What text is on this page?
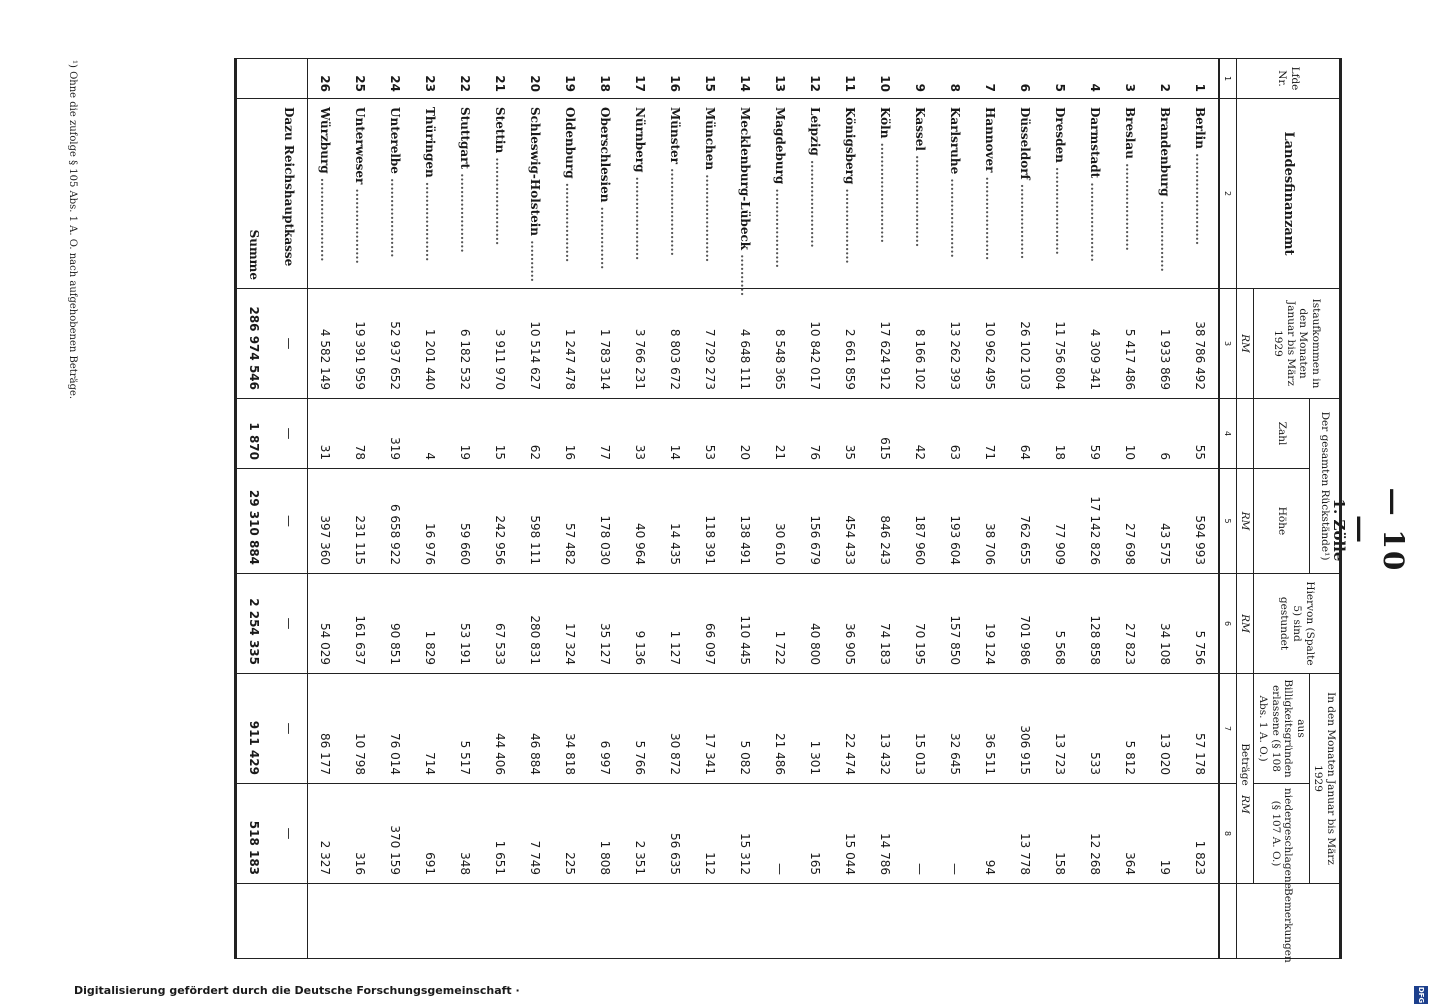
— 10 —
1. Zölle
Lfde
Nr.	Landesfinanzamt	Istaufkommen in den Monaten Januar bis März 1929	Der gesamten Rückstände¹)		Hiervon (Spalte 5) sind gestundet	In den Monaten Januar bis März 1929		Bemerkungen
			Zahl	Höhe		aus Billigkeitsgründen erlassene (§ 108 Abs. 1 A. O.)	niedergeschlagene (§ 107 A. O.)	
		RM		RM	RM	Beträge RM		
1	2	3	4	5	6	7	8	
1	Berlin ......................	38 786 492	55	594 993	5 756	57 178	1 823	
2	Brandenburg .................	1 933 869	6	43 575	34 108	13 020	19	
3	Breslau .....................	5 417 486	10	27 698	27 823	5 812	364	
4	Darmstadt ...................	4 309 341	59	17 142 826	128 858	533	12 268	
5	Dresden .....................	11 756 804	18	77 909	5 568	13 723	158	
6	Düsseldorf ..................	26 102 103	64	762 655	701 986	306 915	13 778	
7	Hannover ....................	10 962 495	71	38 706	19 124	36 511	94	
8	Karlsruhe ...................	13 262 393	63	193 604	157 850	32 645	—	
9	Kassel ......................	8 166 102	42	187 960	70 195	15 013	—	
10	Köln ........................	17 624 912	615	846 243	74 183	13 432	14 786	
11	Königsberg ..................	2 661 859	35	454 433	36 905	22 474	15 044	
12	Leipzig .....................	10 842 017	76	156 679	40 800	1 301	165	
13	Magdeburg ...................	8 548 365	21	30 610	1 722	21 486	—	
14	Mecklenburg-Lübeck ..........	4 648 111	20	138 491	110 445	5 082	15 312	
15	München .....................	7 729 273	53	118 391	66 097	17 341	112	
16	Münster .....................	8 803 672	14	14 435	1 127	30 872	56 635	
17	Nürnberg ....................	3 766 231	33	40 964	9 136	5 766	2 351	
18	Oberschlesien ...............	1 783 314	77	178 030	35 127	6 997	1 808	
19	Oldenburg ...................	1 247 478	16	57 482	17 324	34 818	225	
20	Schleswig-Holstein ..........	10 514 627	62	598 111	280 831	46 884	7 749	
21	Stettin .....................	3 911 970	15	242 956	67 533	44 406	1 651	
22	Stuttgart ...................	6 182 532	19	59 660	53 191	5 517	348	
23	Thüringen ...................	1 201 440	4	16 976	1 829	714	691	
24	Unterelbe ...................	52 937 652	319	6 658 922	90 851	76 014	370 159	
25	Unterweser ..................	19 391 959	78	231 115	161 637	10 798	316	
26	Würzburg ....................	4 582 149	31	397 360	54 029	86 177	2 327	
	Dazu Reichshauptkasse	—	—	—	—	—	—	
	Summe	286 974 546	1 870	29 310 884	2 254 335	911 429	518 183	
¹) Ohne die zufolge § 105 Abs. 1 A. O. nach aufgehobenen Beträge.
Digitalisierung gefördert durch die Deutsche Forschungsgemeinschaft ·	DFG
